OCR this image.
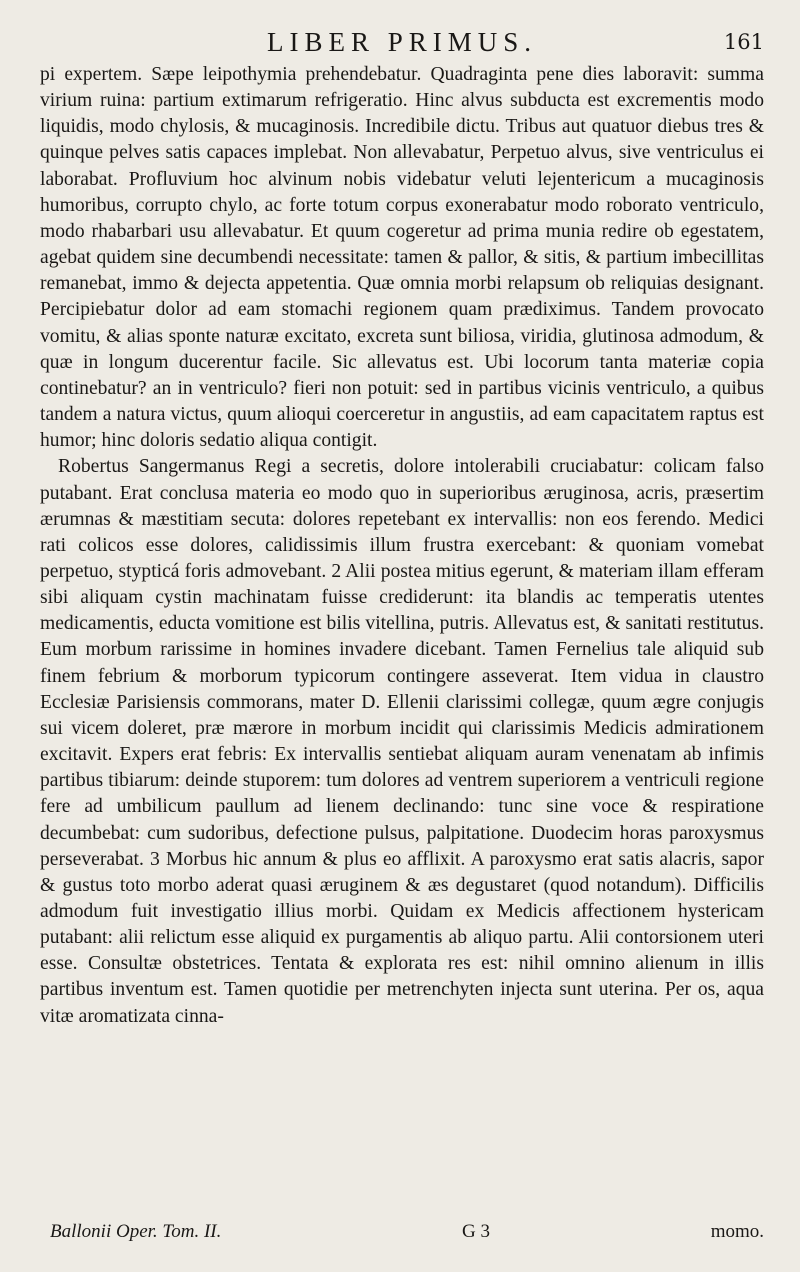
LIBER PRIMUS.	161

pi expertem. Sæpe leipothymia prehendebatur. Quadraginta pene dies laboravit: summa virium ruina: partium extimarum refrigeratio. Hinc alvus subducta est excrementis modo liquidis, modo chylosis, & mucaginosis. Incredibile dictu. Tribus aut quatuor diebus tres & quinque pelves satis capaces implebat. Non allevabatur, Perpetuo alvus, sive ventriculus ei laborabat. Profluvium hoc alvinum nobis videbatur veluti lejentericum a mucaginosis humoribus, corrupto chylo, ac forte totum corpus exonerabatur modo roborato ventriculo, modo rhabarbari usu allevabatur. Et quum cogeretur ad prima munia redire ob egestatem, agebat quidem sine decumbendi necessitate: tamen & pallor, & sitis, & partium imbecillitas remanebat, immo & dejecta appetentia. Quæ omnia morbi relapsum ob reliquias designant. Percipiebatur dolor ad eam stomachi regionem quam prædiximus. Tandem provocato vomitu, & alias sponte naturæ excitato, excreta sunt biliosa, viridia, glutinosa admodum, & quæ in longum ducerentur facile. Sic allevatus est. Ubi locorum tanta materiæ copia continebatur? an in ventriculo? fieri non potuit: sed in partibus vicinis ventriculo, a quibus tandem a natura victus, quum alioqui coerceretur in angustiis, ad eam capacitatem raptus est humor; hinc doloris sedatio aliqua contigit.

Robertus Sangermanus Regi a secretis, dolore intolerabili cruciabatur: colicam falso putabant. Erat conclusa materia eo modo quo in superioribus æruginosa, acris, præsertim ærumnas & mæstitiam secuta: dolores repetebant ex intervallis: non eos ferendo. Medici rati colicos esse dolores, calidissimis illum frustra exercebant: & quoniam vomebat perpetuo, stypticá foris admovebant. 2 Alii postea mitius egerunt, & materiam illam efferam sibi aliquam cystin machinatam fuisse crediderunt: ita blandis ac temperatis utentes medicamentis, educta vomitione est bilis vitellina, putris. Allevatus est, & sanitati restitutus. Eum morbum rarissime in homines invadere dicebant. Tamen Fernelius tale aliquid sub finem febrium & morborum typicorum contingere asseverat. Item vidua in claustro Ecclesiæ Parisiensis commorans, mater D. Ellenii clarissimi collegæ, quum ægre conjugis sui vicem doleret, præ mærore in morbum incidit qui clarissimis Medicis admirationem excitavit. Expers erat febris: Ex intervallis sentiebat aliquam auram venenatam ab infimis partibus tibiarum: deinde stuporem: tum dolores ad ventrem superiorem a ventriculi regione fere ad umbilicum paullum ad lienem declinando: tunc sine voce & respiratione decumbebat: cum sudoribus, defectione pulsus, palpitatione. Duodecim horas paroxysmus perseverabat. 3 Morbus hic annum & plus eo afflixit. A paroxysmo erat satis alacris, sapor & gustus toto morbo aderat quasi æruginem & æs degustaret (quod notandum). Difficilis admodum fuit investigatio illius morbi. Quidam ex Medicis affectionem hystericam putabant: alii relictum esse aliquid ex purgamentis ab aliquo partu. Alii contorsionem uteri esse. Consultæ obstetrices. Tentata & explorata res est: nihil omnino alienum in illis partibus inventum est. Tamen quotidie per metrenchyten injecta sunt uterina. Per os, aqua vitæ aromatizata cinna-

Ballonii Oper. Tom. II.	G 3	momo.
